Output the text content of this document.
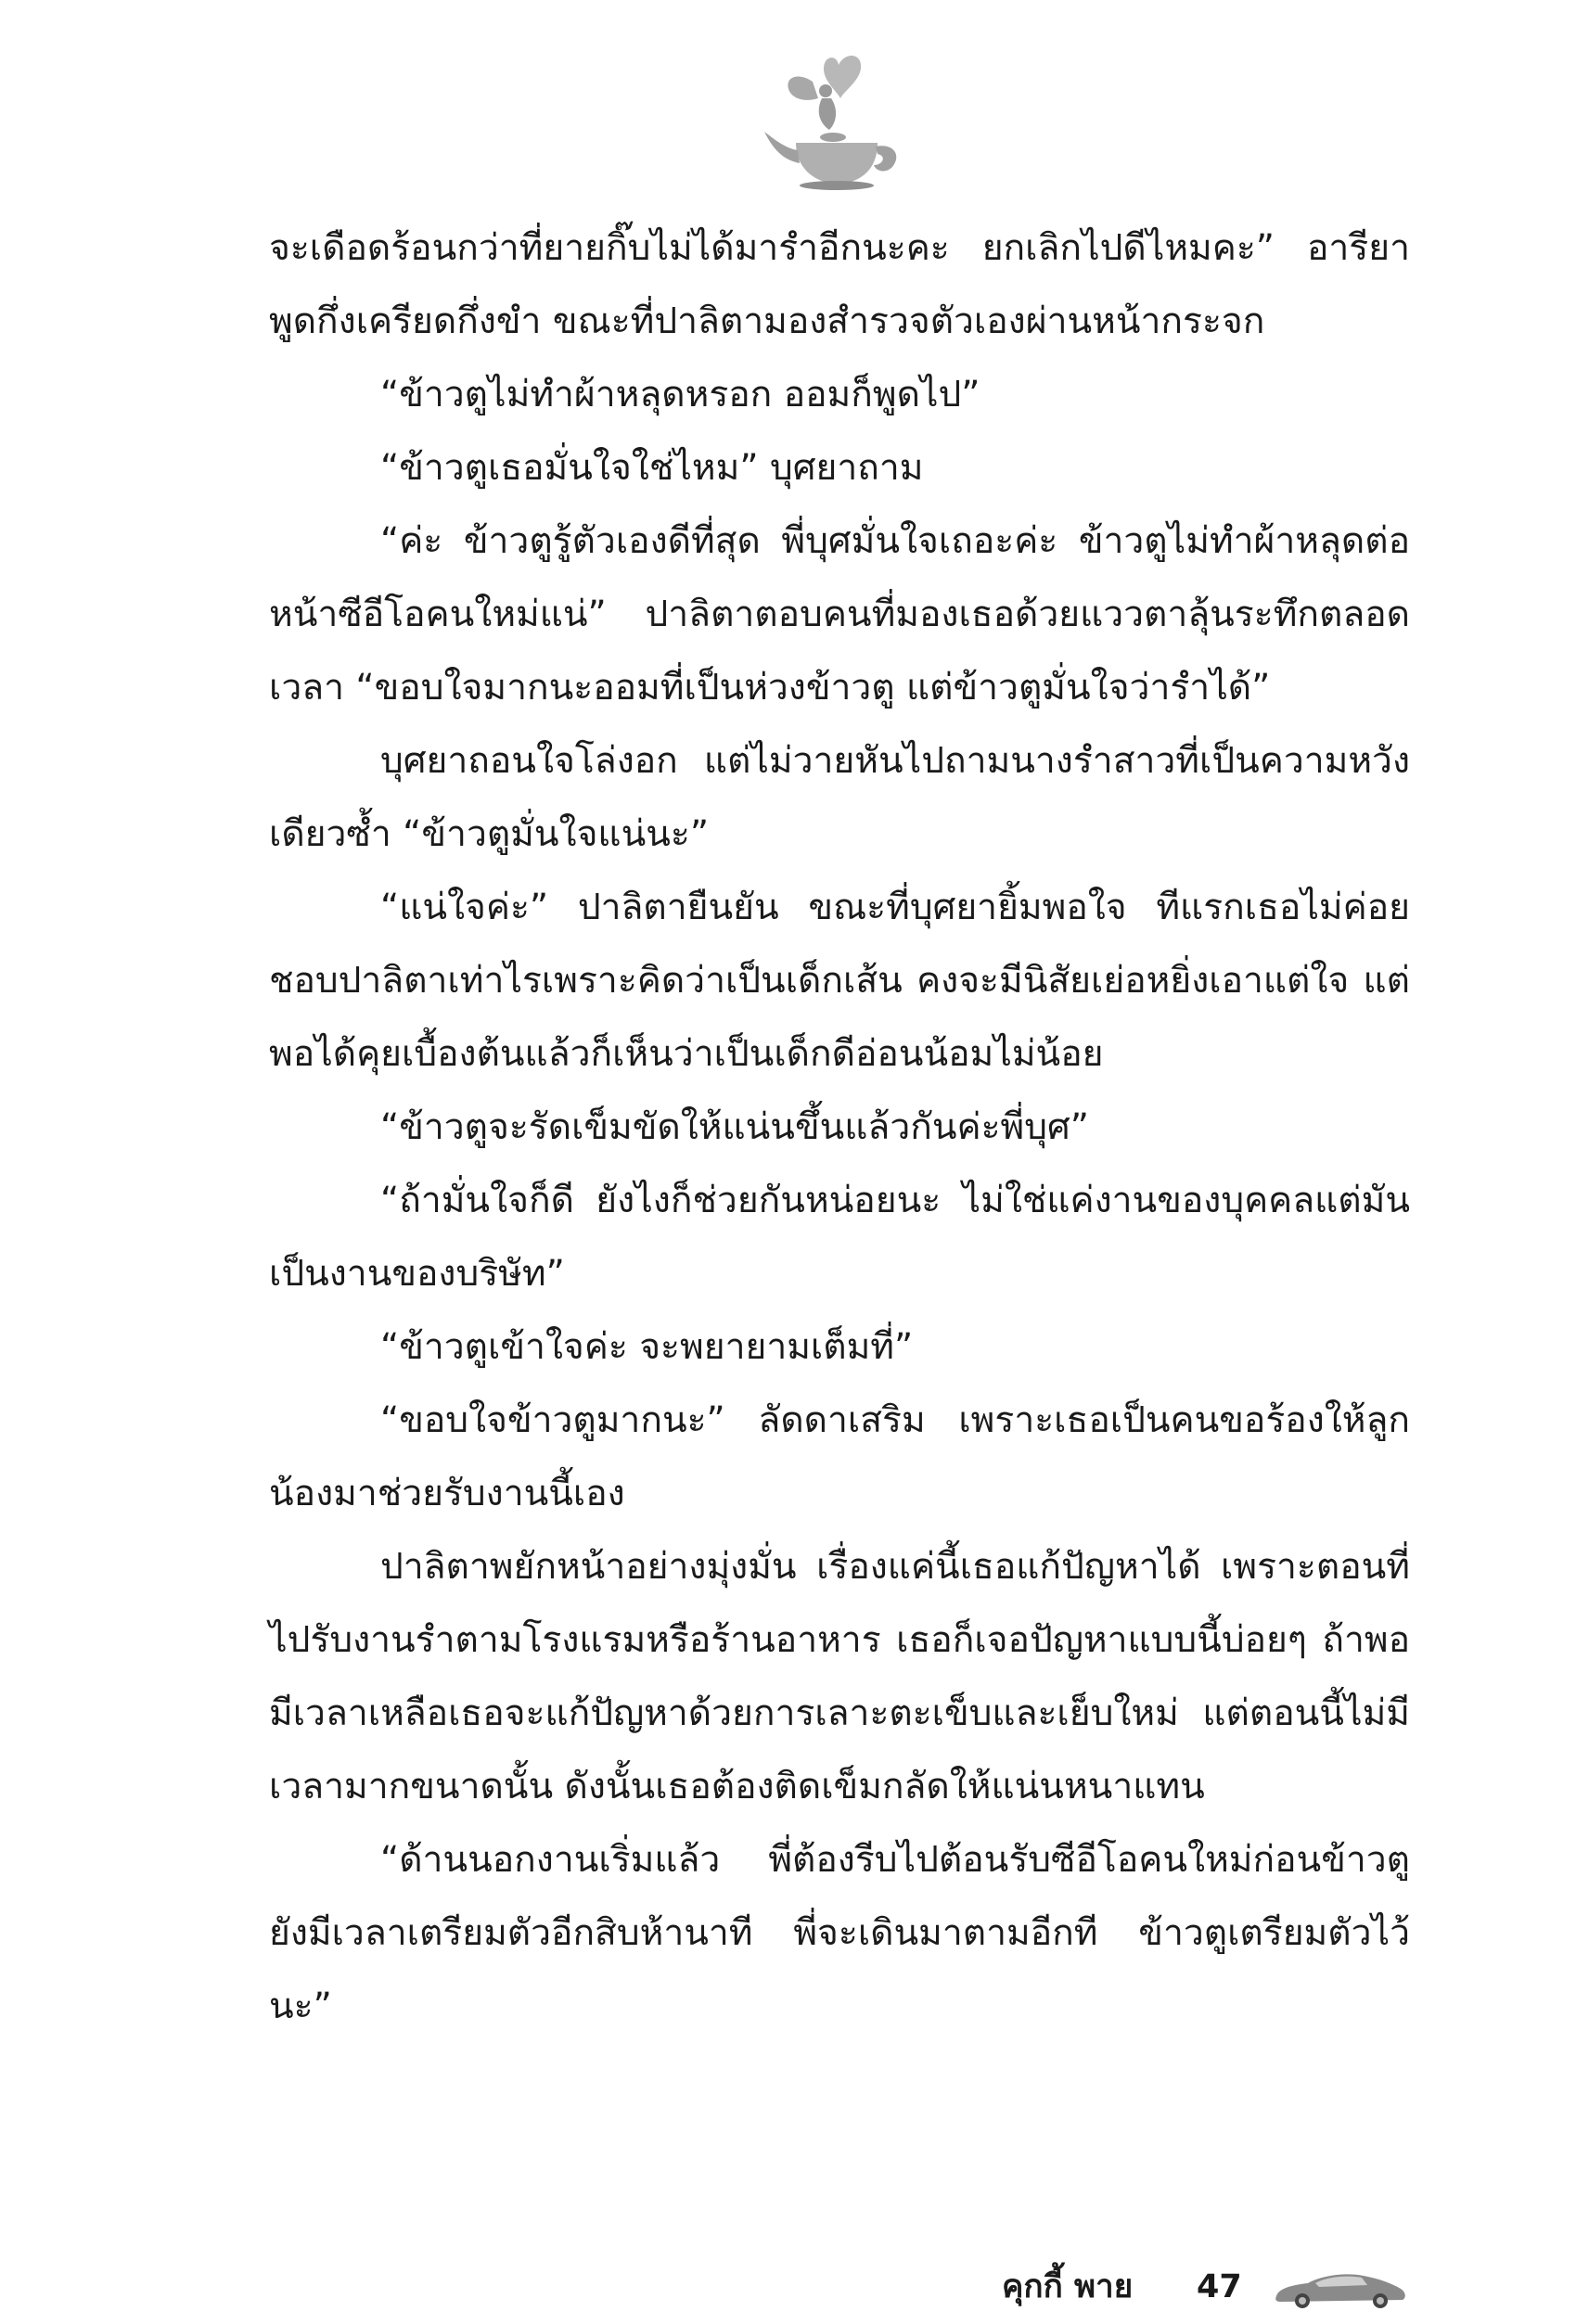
จะเดือดร้อนกว่าที่ยายกิ๊บไม่ได้มารำอีกนะคะ ยกเลิกไปดีไหมคะ” อารียาพูดกึ่งเครียดกึ่งขำ ขณะที่ปาลิตามองสำรวจตัวเองผ่านหน้ากระจก

“ข้าวตูไม่ทำผ้าหลุดหรอก ออมก็พูดไป”

“ข้าวตูเธอมั่นใจใช่ไหม” บุศยาถาม

“ค่ะ ข้าวตูรู้ตัวเองดีที่สุด พี่บุศมั่นใจเถอะค่ะ ข้าวตูไม่ทำผ้าหลุดต่อหน้าซีอีโอคนใหม่แน่” ปาลิตาตอบคนที่มองเธอด้วยแววตาลุ้นระทึกตลอดเวลา “ขอบใจมากนะออมที่เป็นห่วงข้าวตู แต่ข้าวตูมั่นใจว่ารำได้”

บุศยาถอนใจโล่งอก แต่ไม่วายหันไปถามนางรำสาวที่เป็นความหวังเดียวซ้ำ “ข้าวตูมั่นใจแน่นะ”

“แน่ใจค่ะ” ปาลิตายืนยัน ขณะที่บุศยายิ้มพอใจ ทีแรกเธอไม่ค่อยชอบปาลิตาเท่าไรเพราะคิดว่าเป็นเด็กเส้น คงจะมีนิสัยเย่อหยิ่งเอาแต่ใจ แต่พอได้คุยเบื้องต้นแล้วก็เห็นว่าเป็นเด็กดีอ่อนน้อมไม่น้อย

“ข้าวตูจะรัดเข็มขัดให้แน่นขึ้นแล้วกันค่ะพี่บุศ”

“ถ้ามั่นใจก็ดี ยังไงก็ช่วยกันหน่อยนะ ไม่ใช่แค่งานของบุคคลแต่มันเป็นงานของบริษัท”

“ข้าวตูเข้าใจค่ะ จะพยายามเต็มที่”

“ขอบใจข้าวตูมากนะ” ลัดดาเสริม เพราะเธอเป็นคนขอร้องให้ลูกน้องมาช่วยรับงานนี้เอง

ปาลิตาพยักหน้าอย่างมุ่งมั่น เรื่องแค่นี้เธอแก้ปัญหาได้ เพราะตอนที่ไปรับงานรำตามโรงแรมหรือร้านอาหาร เธอก็เจอปัญหาแบบนี้บ่อยๆ ถ้าพอมีเวลาเหลือเธอจะแก้ปัญหาด้วยการเลาะตะเข็บและเย็บใหม่ แต่ตอนนี้ไม่มีเวลามากขนาดนั้น ดังนั้นเธอต้องติดเข็มกลัดให้แน่นหนาแทน

“ด้านนอกงานเริ่มแล้ว พี่ต้องรีบไปต้อนรับซีอีโอคนใหม่ก่อนข้าวตูยังมีเวลาเตรียมตัวอีกสิบห้านาที พี่จะเดินมาตามอีกที ข้าวตูเตรียมตัวไว้นะ”

คุกกี้ พาย 47
